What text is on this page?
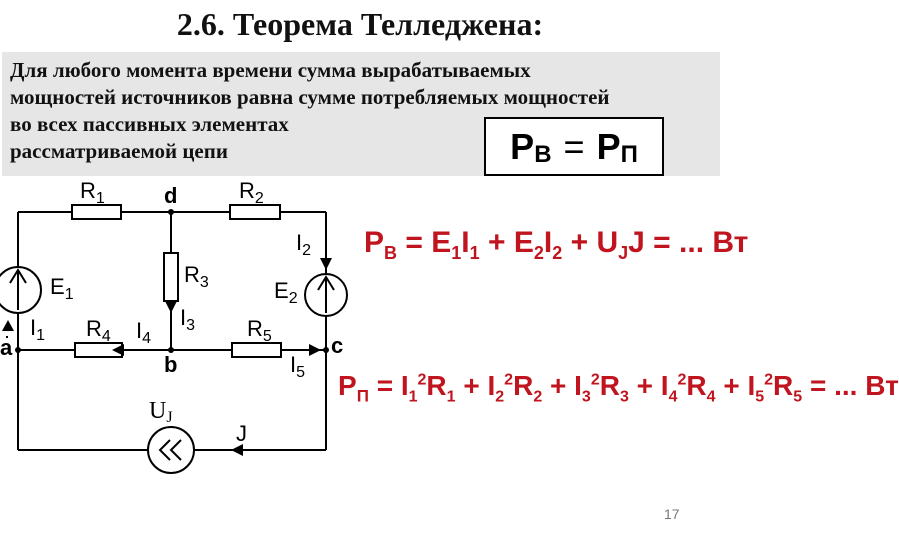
2.6. Теорема Телледжена:
Для любого момента времени сумма вырабатываемых
мощностей источников равна сумме потребляемых мощностей
во всех пассивных элементах
рассматриваемой цепи	P В = P П
$R_1$	$R_2$
$R_3$
$R_4$	$R_5$
$E_1$	$E_2$
$I_1$
$I_2$
$I_3$
$I_4$
$I_5$
a
b
c
d
J
UJ
$P_В = E_1I_1 + E_2I_2 + U_JJ$ = ... Вт
$P_П = I_1^2R_1 + I_2^2R_2 + I_3^2R_3 + I_4^2R_4 + I_5^2R_5$ = ... Вт
17
